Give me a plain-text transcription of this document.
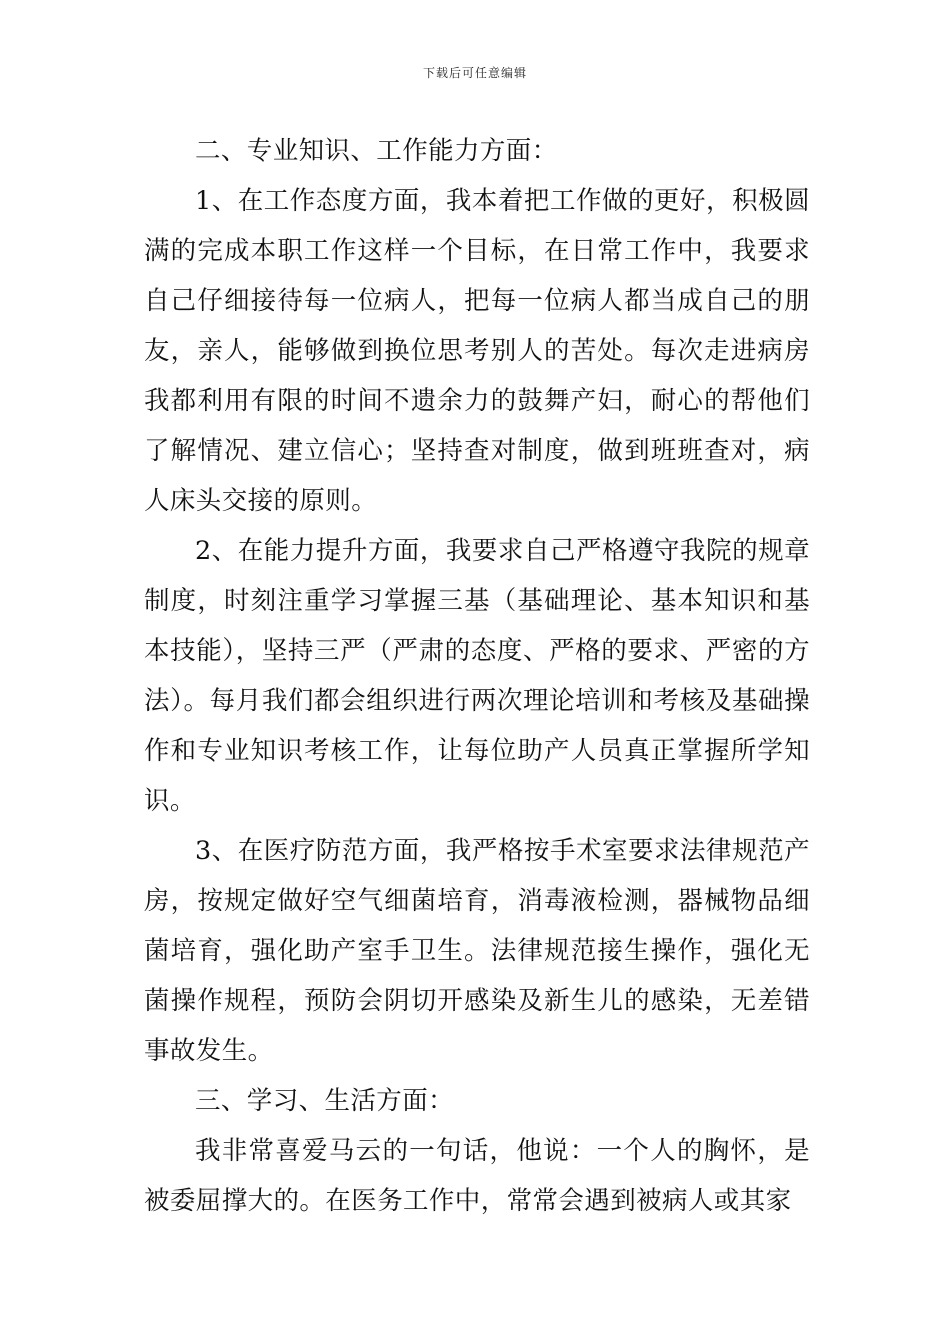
下载后可任意编辑

二、专业知识、工作能力方面：

1、在工作态度方面，我本着把工作做的更好，积极圆满的完成本职工作这样一个目标，在日常工作中，我要求自己仔细接待每一位病人，把每一位病人都当成自己的朋友，亲人，能够做到换位思考别人的苦处。每次走进病房我都利用有限的时间不遗余力的鼓舞产妇，耐心的帮他们了解情况、建立信心；坚持查对制度，做到班班查对，病人床头交接的原则。

2、在能力提升方面，我要求自己严格遵守我院的规章制度，时刻注重学习掌握三基（基础理论、基本知识和基本技能），坚持三严（严肃的态度、严格的要求、严密的方法）。每月我们都会组织进行两次理论培训和考核及基础操作和专业知识考核工作，让每位助产人员真正掌握所学知识。

3、在医疗防范方面，我严格按手术室要求法律规范产房，按规定做好空气细菌培育，消毒液检测，器械物品细菌培育，强化助产室手卫生。法律规范接生操作，强化无菌操作规程，预防会阴切开感染及新生儿的感染，无差错事故发生。

三、学习、生活方面：

我非常喜爱马云的一句话，他说：一个人的胸怀，是被委屈撑大的。在医务工作中，常常会遇到被病人或其家
